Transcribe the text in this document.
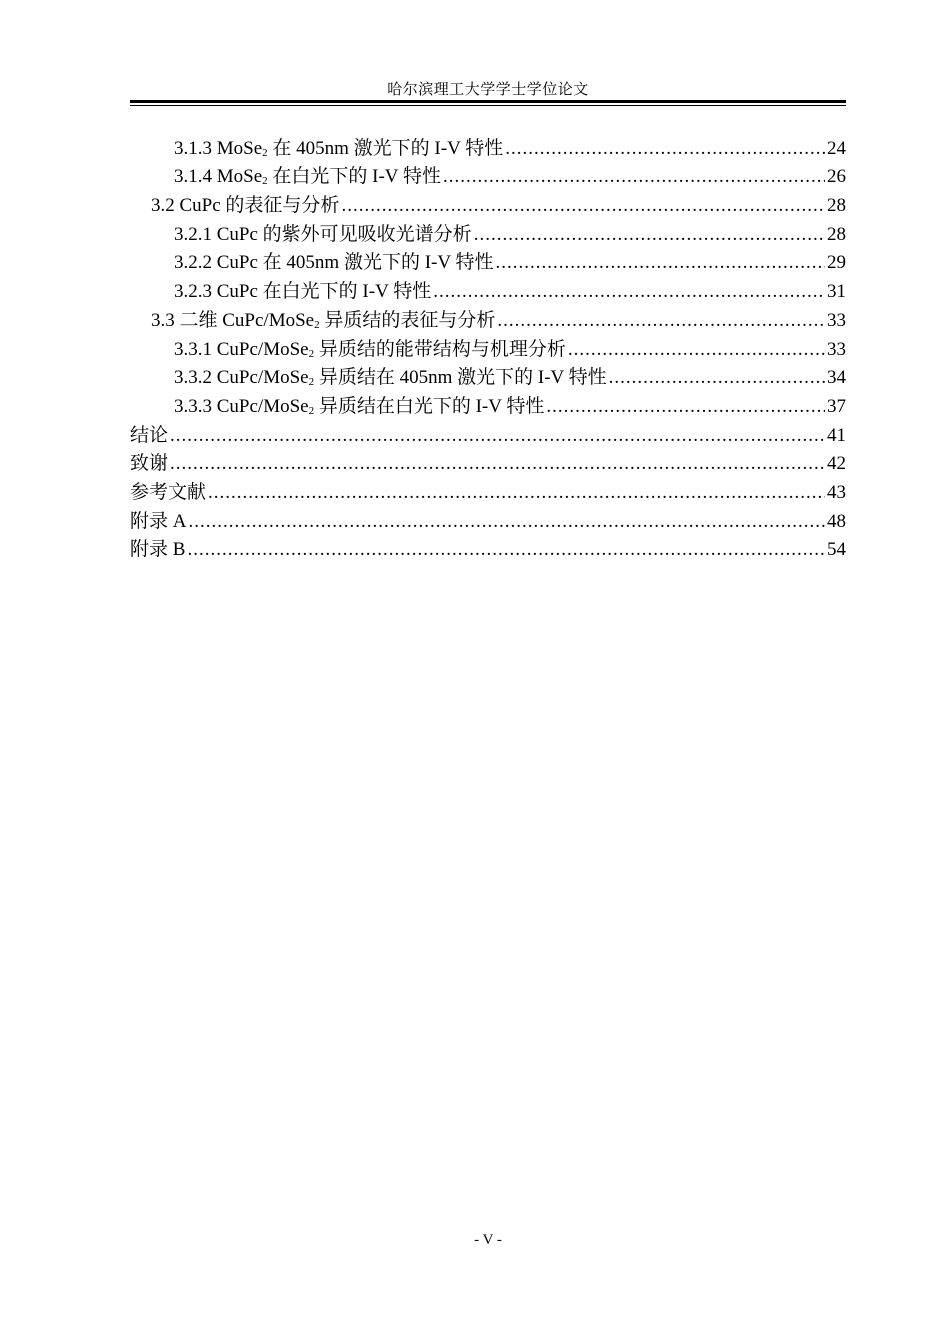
哈尔滨理工大学学士学位论文
3.1.3 MoSe$_2$ 在 405nm 激光下的 I-V 特性 .....	24
3.1.4 MoSe$_2$ 在白光下的 I-V 特性 .....	26
3.2 CuPc 的表征与分析 .....	28
3.2.1 CuPc 的紫外可见吸收光谱分析 .....	28
3.2.2 CuPc 在 405nm 激光下的 I-V 特性 .....	29
3.2.3 CuPc 在白光下的 I-V 特性 .....	31
3.3 二维 CuPc/MoSe$_2$ 异质结的表征与分析 .....	33
3.3.1 CuPc/MoSe$_2$ 异质结的能带结构与机理分析 .....	33
3.3.2 CuPc/MoSe$_2$ 异质结在 405nm 激光下的 I-V 特性 .....	34
3.3.3 CuPc/MoSe$_2$ 异质结在白光下的 I-V 特性 .....	37
结论 .....	41
致谢 .....	42
参考文献 .....	43
附录 A .....	48
附录 B .....	54
- V -
